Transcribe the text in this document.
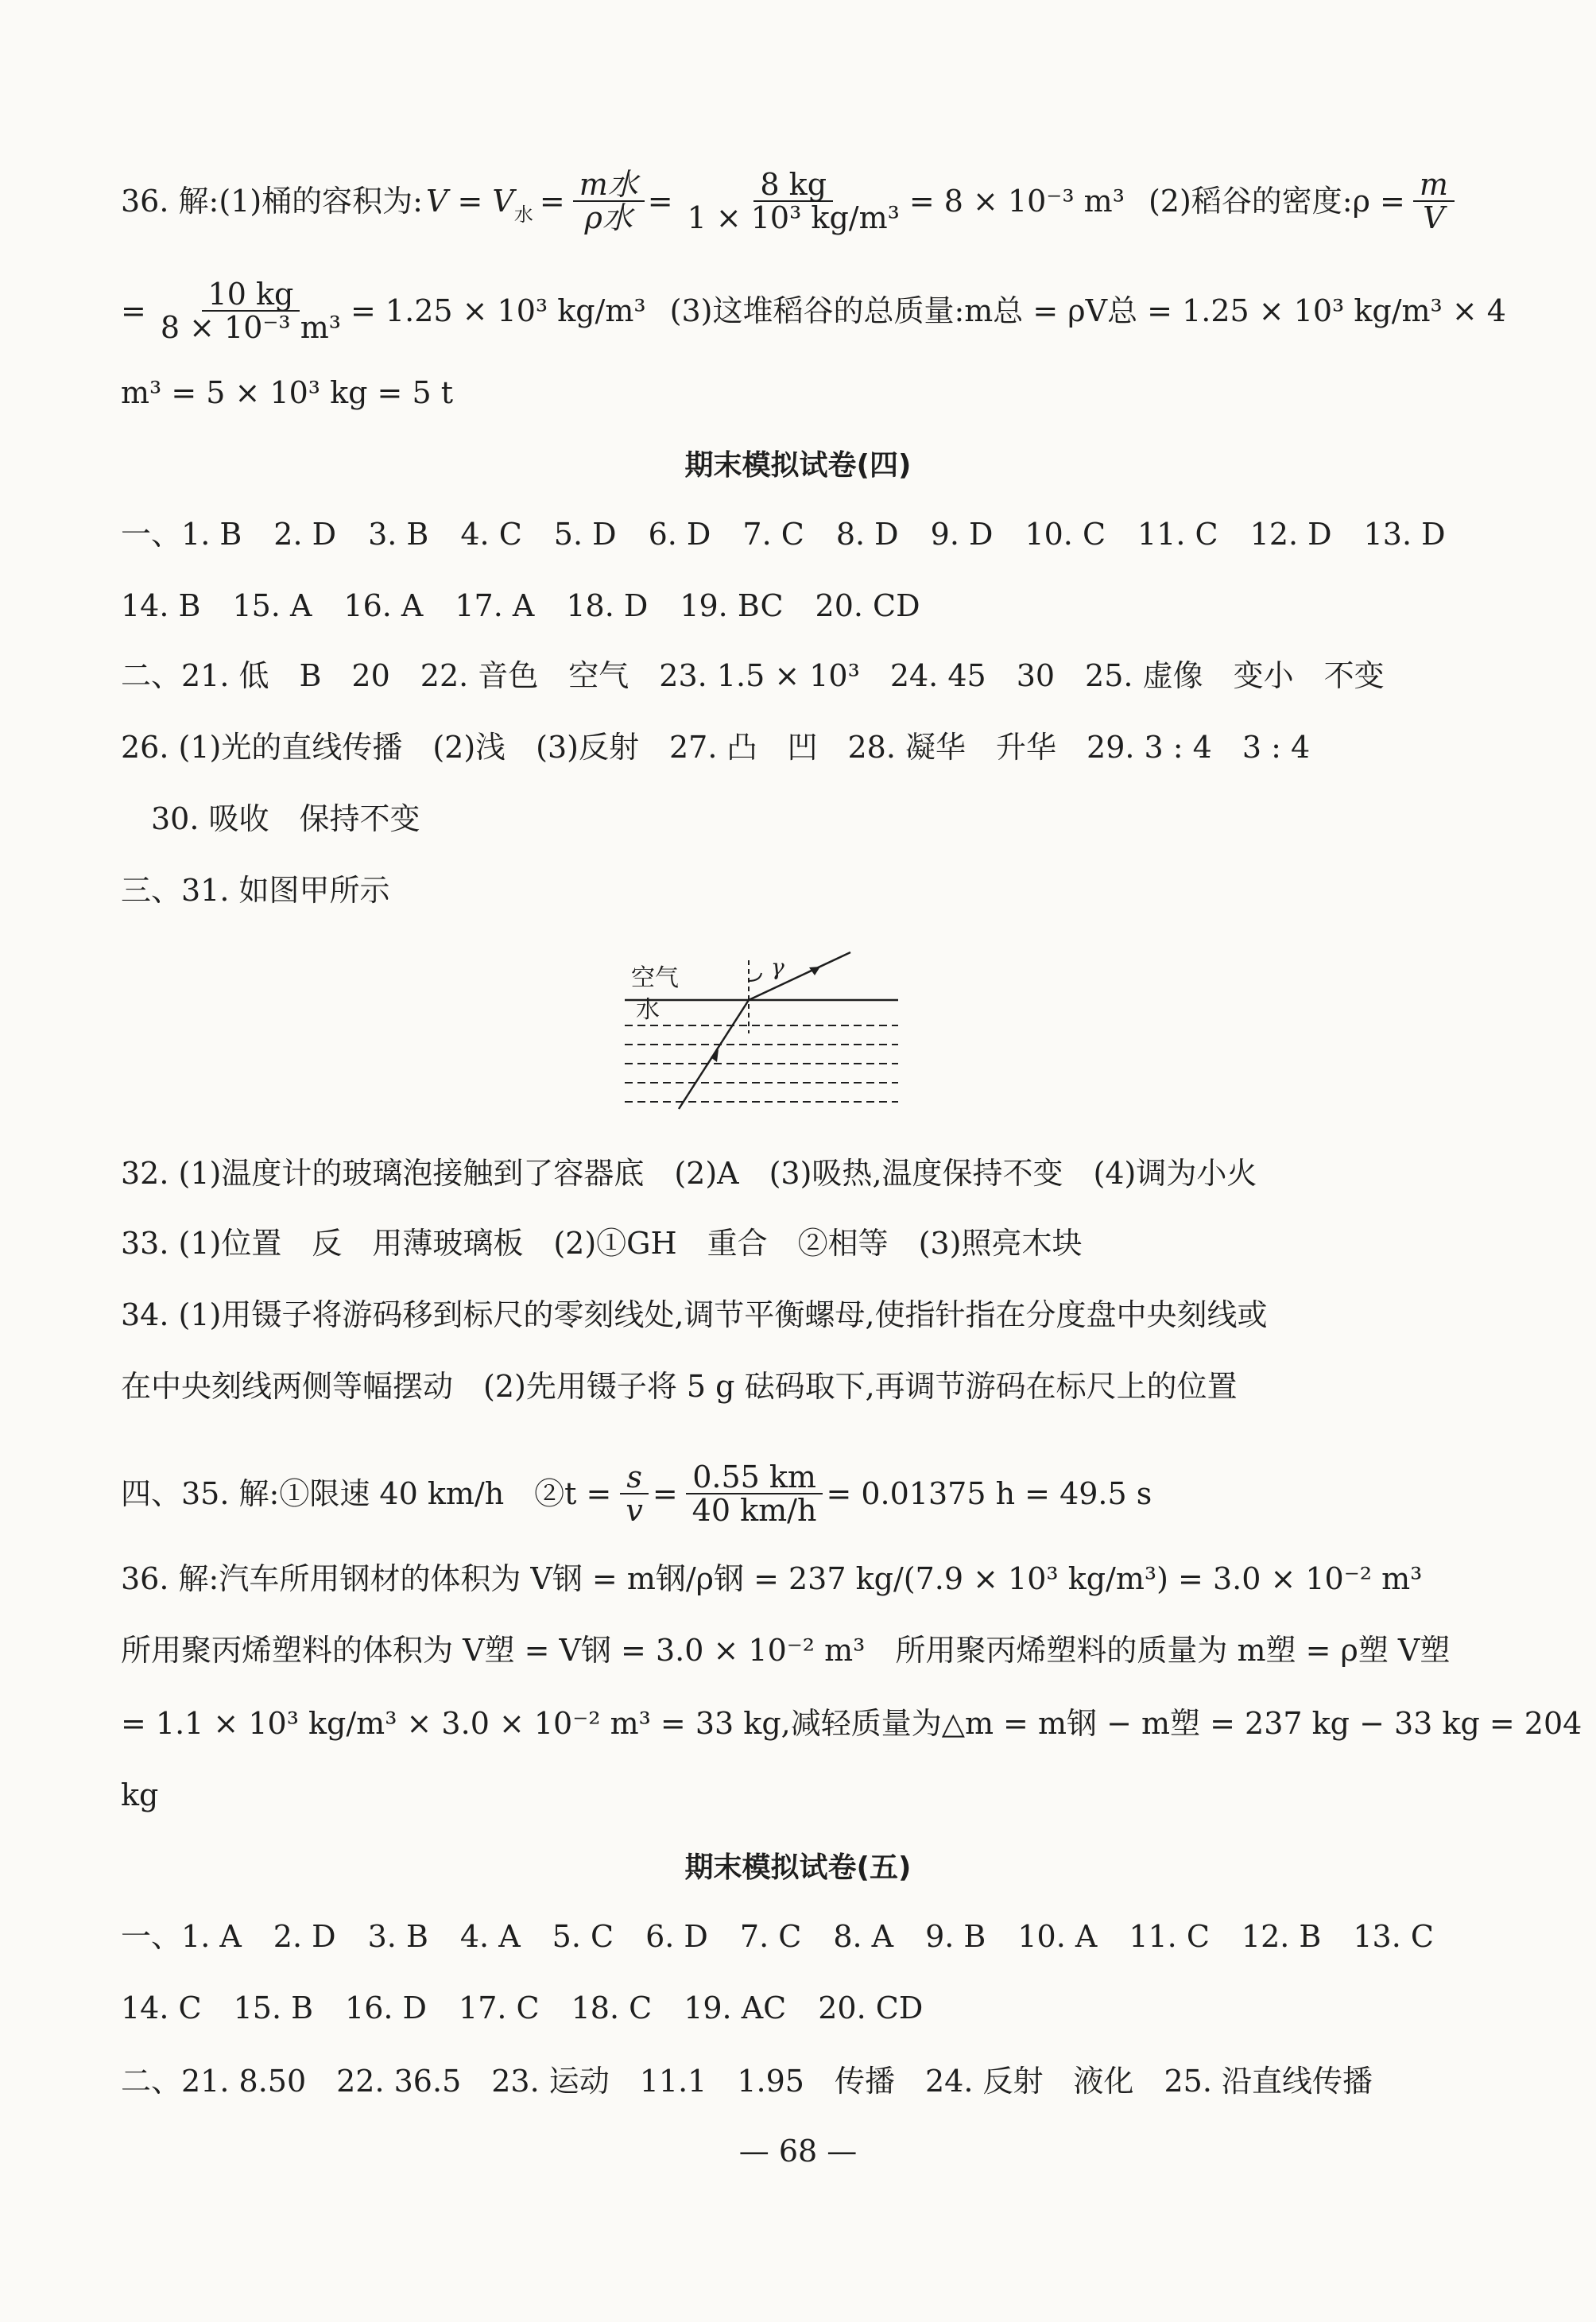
36. 解:(1)桶的容积为: V = V 水 = $\frac{\text{m水}}{\text{ρ水}} = \frac{8 kg}{\text{1 × 10³ kg/m³}} = 8 \times 10^{-3}$ m³ (2)稻谷的密度:ρ = $\frac{m}{V}$
= $\frac{10 kg}{\text{8 × 10⁻³ m³}} = 1.25 \times 10^3$ kg/m³ (3)这堆稻谷的总质量:m总 = ρV总 = 1.25 × 10³ kg/m³ × 4
m³ = 5 × 10³ kg = 5 t
期末模拟试卷(四)
一、 1. B 2. D 3. B 4. C 5. D 6. D 7. C 8. D 9. D 10. C 11. C 12. D 13. D
14. B 15. A 16. A 17. A 18. D 19. BC 20. CD
二、21. 低　B　20　22. 音色　空气　23. 1.5 × 10³　24. 45　30　25. 虚像　变小　不变
26. (1)光的直线传播　(2)浅　(3)反射　27. 凸　凹　28. 凝华　升华　29. 3 : 4　3 : 4
30. 吸收　保持不变
三、31. 如图甲所示
空气
水
γ
32. (1)温度计的玻璃泡接触到了容器底　(2)A　(3)吸热,温度保持不变　(4)调为小火
33. (1)位置　反　用薄玻璃板　(2)①GH　重合　②相等　(3)照亮木块
34. (1)用镊子将游码移到标尺的零刻线处,调节平衡螺母,使指针指在分度盘中央刻线或
在中央刻线两侧等幅摆动　(2)先用镊子将 5 g 砝码取下,再调节游码在标尺上的位置
四、35. 解:①限速 40 km/h　②t = $\frac{s}{v} = \frac{0.55 km}{40 km/h} = 0.01375$ h = 49.5 s
36. 解:汽车所用钢材的体积为 V钢 = m钢/ρ钢 = 237 kg/(7.9 × 10³ kg/m³) = 3.0 × 10⁻² m³
所用聚丙烯塑料的体积为 V塑 = V钢 = 3.0 × 10⁻² m³　所用聚丙烯塑料的质量为 m塑 = ρ塑 V塑
= 1.1 × 10³ kg/m³ × 3.0 × 10⁻² m³ = 33 kg,减轻质量为△m = m钢 − m塑 = 237 kg − 33 kg = 204
kg
期末模拟试卷(五)
一、 1. A 2. D 3. B 4. A 5. C 6. D 7. C 8. A 9. B 10. A 11. C 12. B 13. C
14. C 15. B 16. D 17. C 18. C 19. AC 20. CD
二、21. 8.50　22. 36.5　23. 运动　11.1　1.95　传播　24. 反射　液化　25. 沿直线传播
— 68 —
